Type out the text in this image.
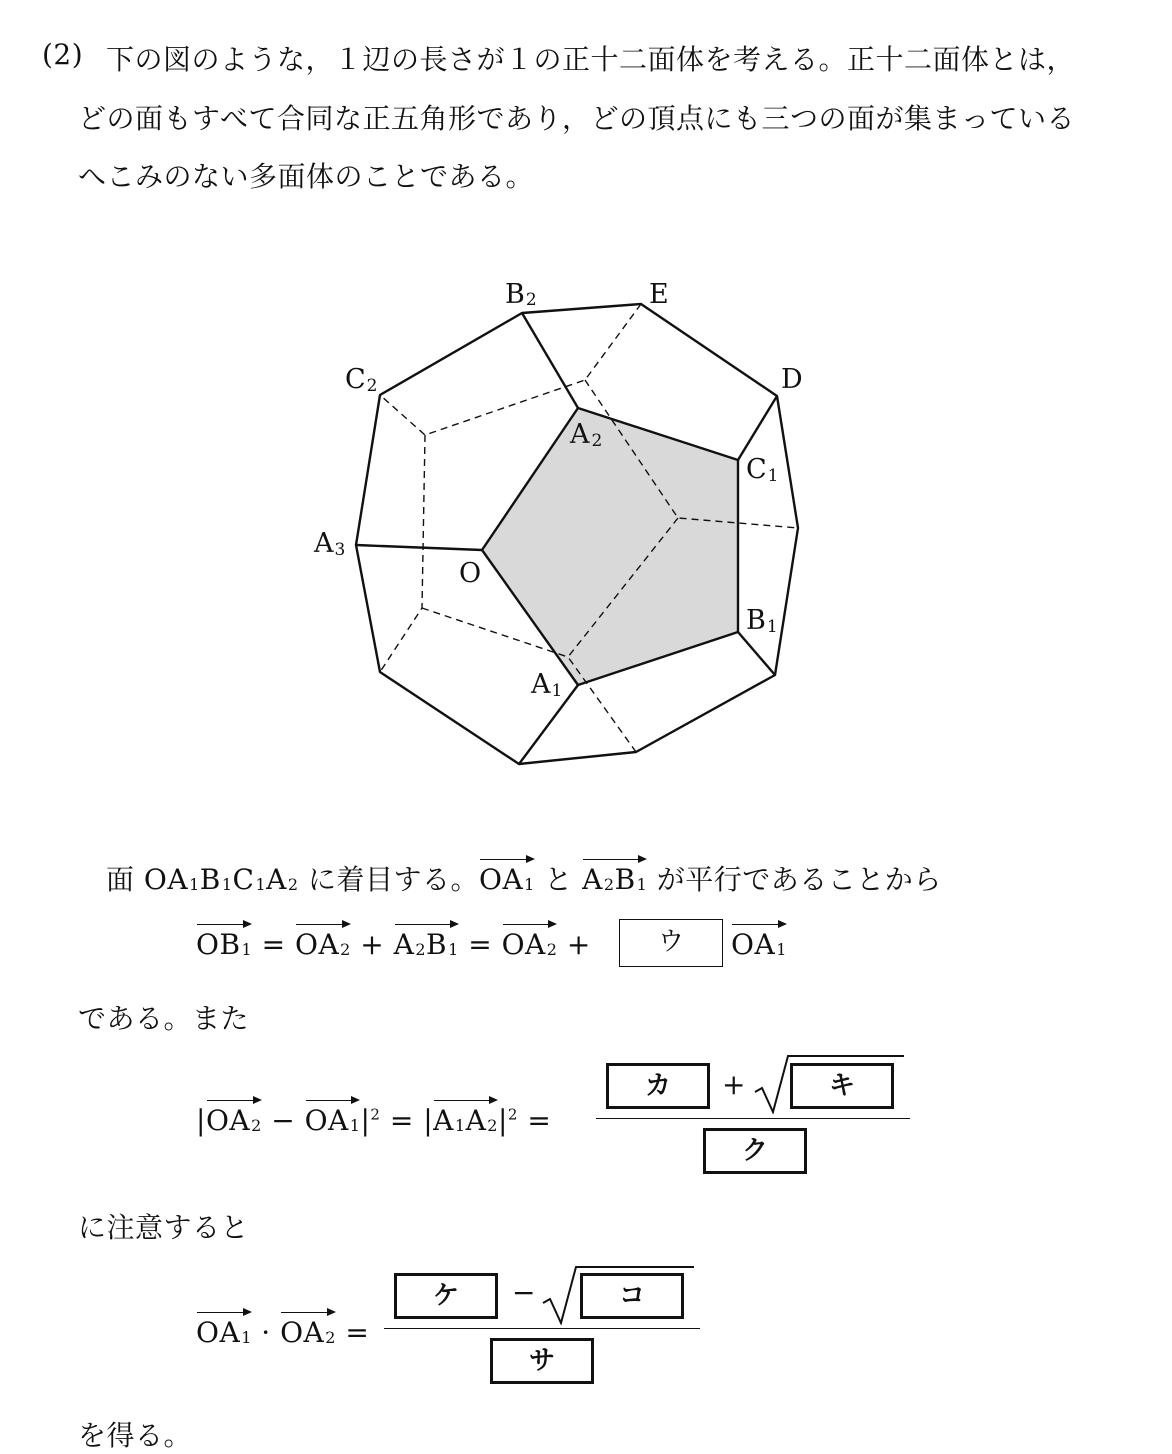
(2) 下の図のような，１辺の長さが１の正十二面体を考える。正十二面体とは，
どの面もすべて合同な正五角形であり，どの頂点にも三つの面が集まっている
へこみのない多面体のことである。
B2	E
C2	D
A 2
C1
A3
O
B1
A1
面 OA1B1C1A2 に着目する。OA1 と A2B1 が平行であることから
OB1 = OA2 + A2B1 = OA2 +	ウ	OA1
である。また
$|OA2 - OA1|^2 = |A1A2|^2$ =
カ	+	キ
ク
に注意すると
OA1 · OA2 =
ケ	−	コ
サ
を得る。
